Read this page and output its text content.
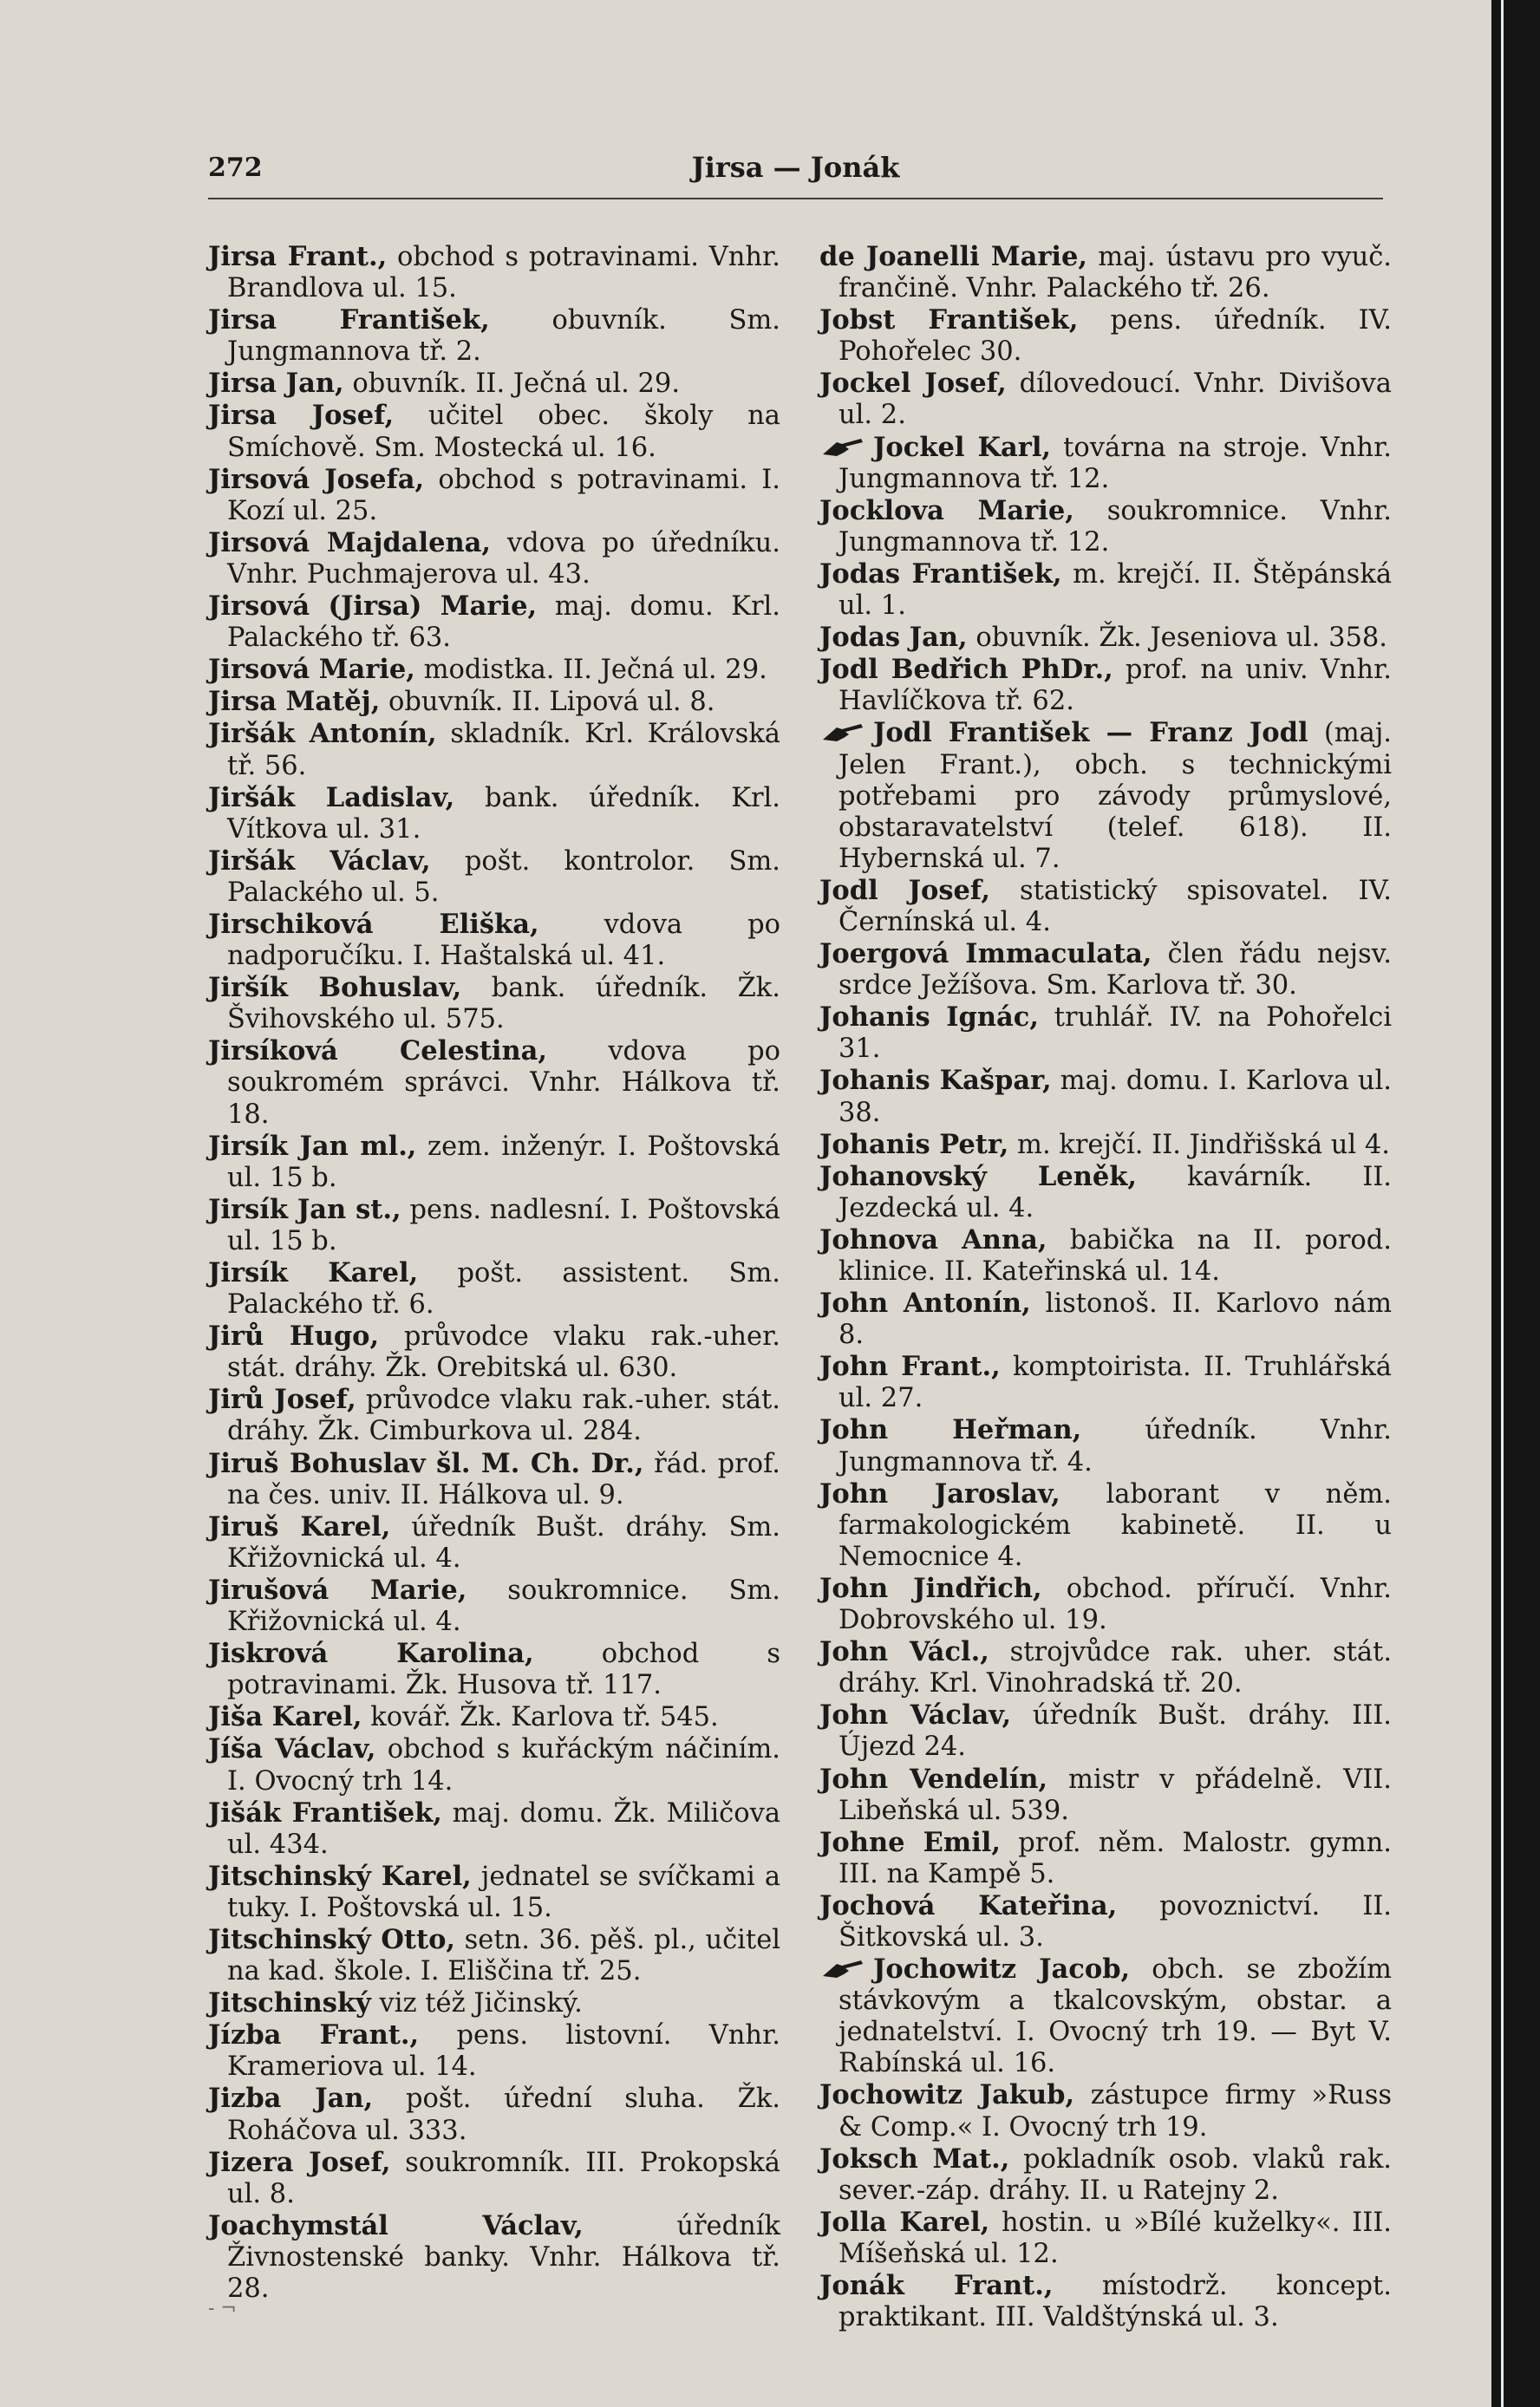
272	Jirsa — Jonák
Jirsa Frant., obchod s potravinami. Vnhr. Brandlova ul. 15.
Jirsa František, obuvník. Sm. Jungmannova tř. 2.
Jirsa Jan, obuvník. II. Ječná ul. 29.
Jirsa Josef, učitel obec. školy na Smíchově. Sm. Mostecká ul. 16.
Jirsová Josefa, obchod s potravinami. I. Kozí ul. 25.
Jirsová Majdalena, vdova po úředníku. Vnhr. Puchmajerova ul. 43.
Jirsová (Jirsa) Marie, maj. domu. Krl. Palackého tř. 63.
Jirsová Marie, modistka. II. Ječná ul. 29.
Jirsa Matěj, obuvník. II. Lipová ul. 8.
Jiršák Antonín, skladník. Krl. Královská tř. 56.
Jiršák Ladislav, bank. úředník. Krl. Vítkova ul. 31.
Jiršák Václav, pošt. kontrolor. Sm. Palackého ul. 5.
Jirschiková Eliška, vdova po nadporučíku. I. Haštalská ul. 41.
Jiršík Bohuslav, bank. úředník. Žk. Švihovského ul. 575.
Jirsíková Celestina, vdova po soukromém správci. Vnhr. Hálkova tř. 18.
Jirsík Jan ml., zem. inženýr. I. Poštovská ul. 15 b.
Jirsík Jan st., pens. nadlesní. I. Poštovská ul. 15 b.
Jirsík Karel, pošt. assistent. Sm. Palackého tř. 6.
Jirů Hugo, průvodce vlaku rak.-uher. stát. dráhy. Žk. Orebitská ul. 630.
Jirů Josef, průvodce vlaku rak.-uher. stát. dráhy. Žk. Cimburkova ul. 284.
Jiruš Bohuslav šl. M. Ch. Dr., řád. prof. na čes. univ. II. Hálkova ul. 9.
Jiruš Karel, úředník Bušt. dráhy. Sm. Křižovnická ul. 4.
Jirušová Marie, soukromnice. Sm. Křižovnická ul. 4.
Jiskrová Karolina,	obchod s potravinami. Žk. Husova tř. 117.
Jiša Karel, kovář. Žk. Karlova tř. 545.
Jíša Václav, obchod s kuřáckým náčiním. I. Ovocný trh 14.
Jišák František, maj. domu. Žk. Miličova ul. 434.
Jitschinský Karel, jednatel se svíčkami a tuky. I. Poštovská ul. 15.
Jitschinský Otto, setn. 36. pěš. pl., učitel na kad. škole. I. Eliščina tř. 25.
Jitschinský viz též Jičinský.
Jízba Frant., pens. listovní. Vnhr. Krameriova ul. 14.
Jizba Jan, pošt. úřední sluha. Žk. Roháčova ul. 333.
Jizera Josef, soukromník. III. Prokopská ul. 8.
Joachymstál Václav,	úředník Živnostenské banky. Vnhr. Hálkova tř. 28.
de Joanelli Marie, maj. ústavu pro vyuč. frančině. Vnhr. Palackého tř. 26.
Jobst František, pens. úředník. IV. Pohořelec 30.
Jockel Josef, dílovedoucí. Vnhr. Divišova ul. 2.
Jockel Karl, továrna na stroje. Vnhr. Jungmannova tř. 12.
Jocklova Marie, soukromnice. Vnhr. Jungmannova tř. 12.
Jodas František, m. krejčí. II. Štěpánská ul. 1.
Jodas Jan, obuvník. Žk. Jeseniova ul. 358.
Jodl Bedřich PhDr., prof. na univ. Vnhr. Havlíčkova tř. 62.
Jodl František — Franz Jodl (maj. Jelen Frant.), obch. s technickými potřebami pro závody průmyslové, obstaravatelství (telef. 618). II. Hybernská ul. 7.
Jodl Josef, statistický spisovatel. IV. Černínská ul. 4.
Joergová Immaculata, člen řádu nejsv. srdce Ježíšova. Sm. Karlova tř. 30.
Johanis Ignác, truhlář. IV. na Pohořelci 31.
Johanis Kašpar, maj. domu. I. Karlova ul. 38.
Johanis Petr, m. krejčí. II. Jindřišská ul 4.
Johanovský Leněk, kavárník. II. Jezdecká ul. 4.
Johnova Anna, babička na II. porod. klinice. II. Kateřinská ul. 14.
John Antonín, listonoš. II. Karlovo nám 8.
John Frant., komptoirista. II. Truhlářská ul. 27.
John Heřman, úředník. Vnhr. Jungmannova tř. 4.
John Jaroslav, laborant v něm. farmakologickém kabinetě. II. u Nemocnice 4.
John Jindřich, obchod. příručí. Vnhr. Dobrovského ul. 19.
John Václ., strojvůdce rak. uher. stát. dráhy. Krl. Vinohradská tř. 20.
John Václav, úředník Bušt. dráhy. III. Újezd 24.
John Vendelín, mistr v přádelně. VII. Libeňská ul. 539.
Johne Emil, prof. něm. Malostr. gymn. III. na Kampě 5.
Jochová Kateřina, povoznictví. II. Šitkovská ul. 3.
Jochowitz Jacob, obch. se zbožím stávkovým a tkalcovským, obstar. a jednatelství. I. Ovocný trh 19. — Byt V. Rabínská ul. 16.
Jochowitz Jakub, zástupce firmy »Russ & Comp.« I. Ovocný trh 19.
Joksch Mat., pokladník osob. vlaků rak. sever.-záp. dráhy. II. u Ratejny 2.
Jolla Karel, hostin. u »Bílé kuželky«. III. Míšeňská ul. 12.
Jonák Frant., místodrž. koncept. praktikant. III. Valdštýnská ul. 3.
- ¬
